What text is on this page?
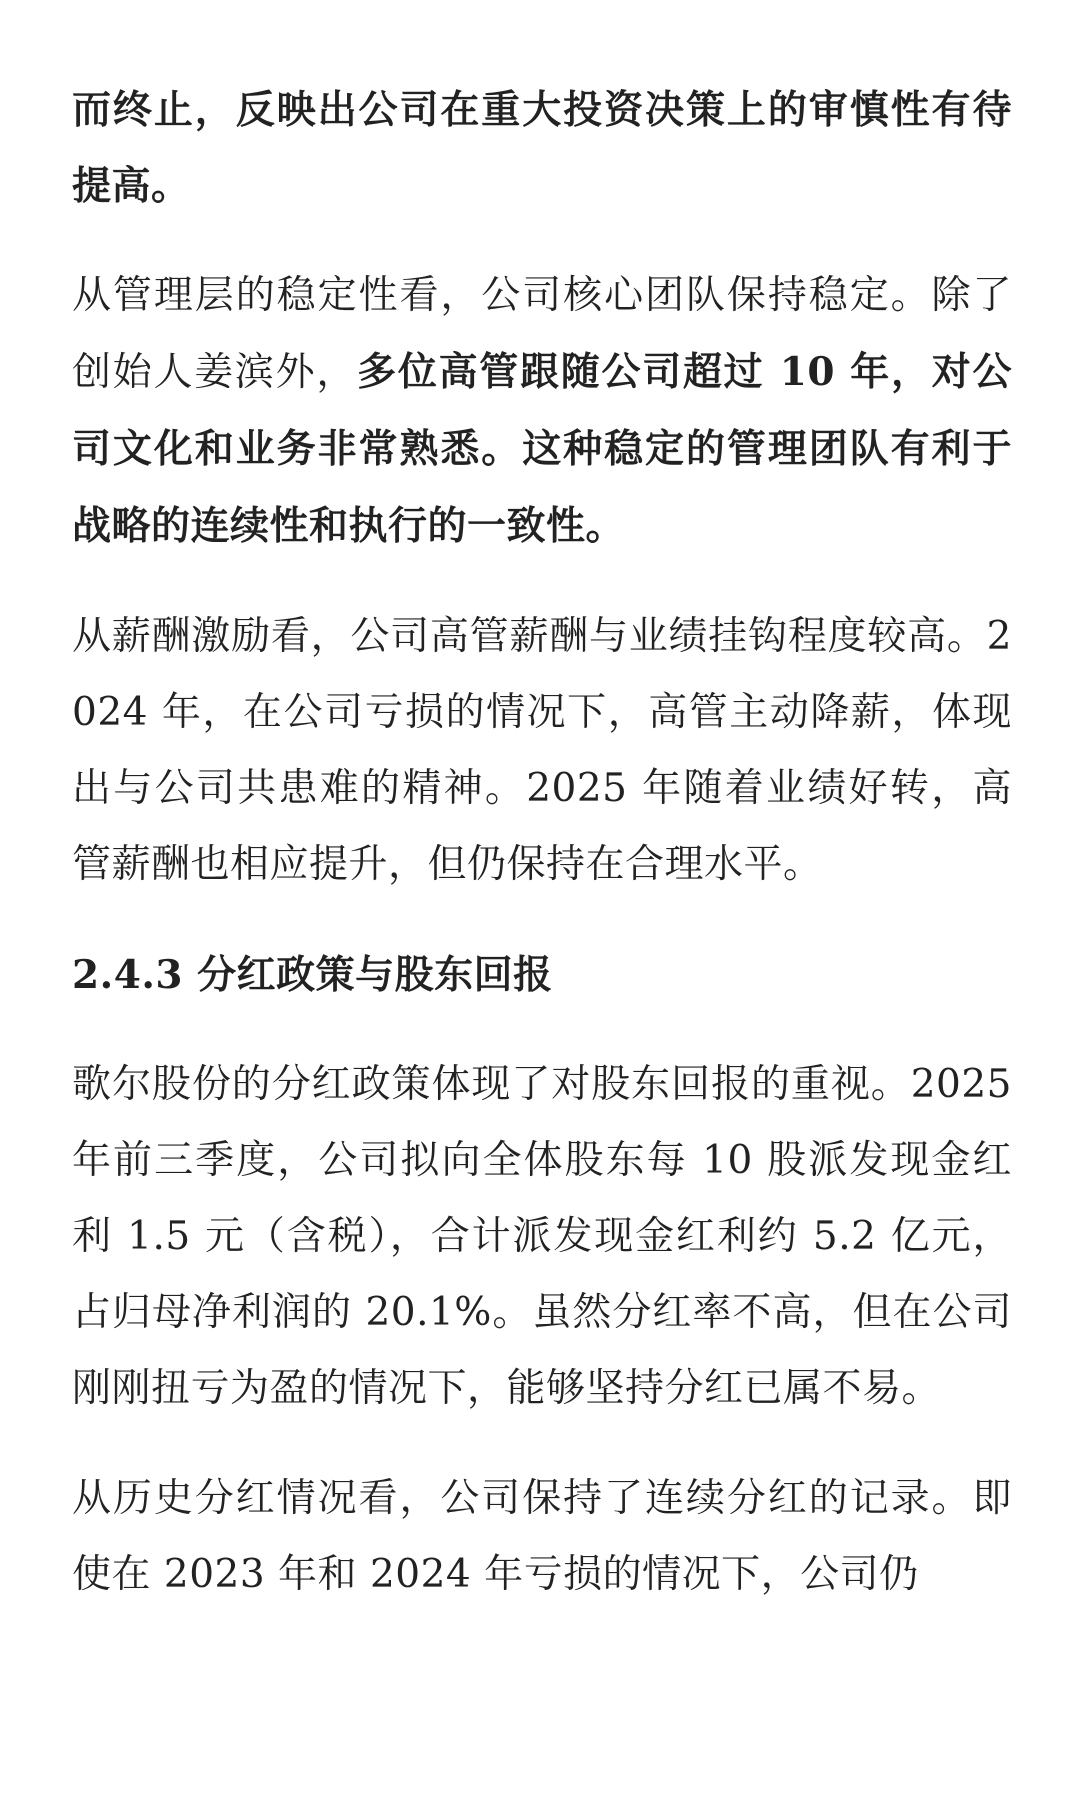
而终止，反映出公司在重大投资决策上的审慎性有待提高。

从管理层的稳定性看，公司核心团队保持稳定。除了创始人姜滨外，多位高管跟随公司超过 10 年，对公司文化和业务非常熟悉。这种稳定的管理团队有利于战略的连续性和执行的一致性。

从薪酬激励看，公司高管薪酬与业绩挂钩程度较高。2024 年，在公司亏损的情况下，高管主动降薪，体现出与公司共患难的精神。2025 年随着业绩好转，高管薪酬也相应提升，但仍保持在合理水平。

2.4.3 分红政策与股东回报

歌尔股份的分红政策体现了对股东回报的重视。2025 年前三季度，公司拟向全体股东每 10 股派发现金红利 1.5 元（含税），合计派发现金红利约 5.2 亿元，占归母净利润的 20.1%。虽然分红率不高，但在公司刚刚扭亏为盈的情况下，能够坚持分红已属不易。

从历史分红情况看，公司保持了连续分红的记录。即使在 2023 年和 2024 年亏损的情况下，公司仍
